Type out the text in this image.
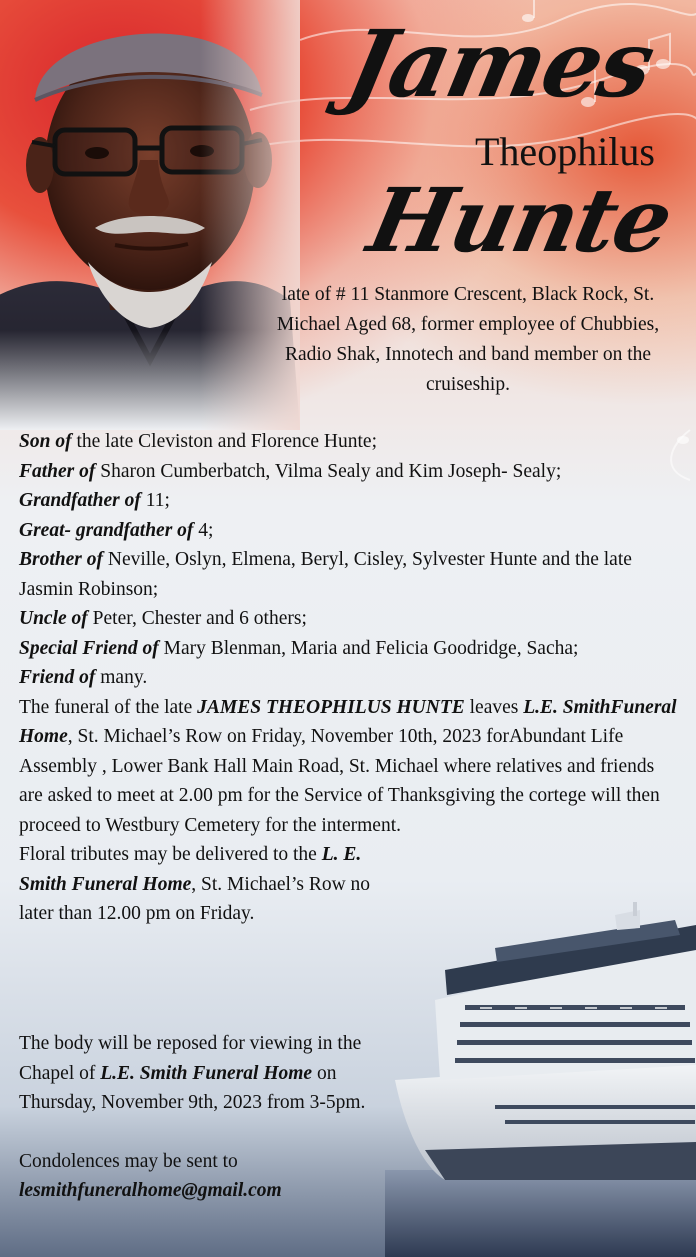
James
Theophilus
Hunte
late of # 11 Stanmore Crescent, Black Rock, St. Michael Aged 68, former employee of Chubbies, Radio Shak, Innotech and band member on the cruiseship.

Son of the late Cleviston and Florence Hunte;

Father of Sharon Cumberbatch, Vilma Sealy and Kim Joseph- Sealy;

Grandfather of 11;

Great- grandfather of 4;

Brother of Neville, Oslyn, Elmena, Beryl, Cisley, Sylvester Hunte and the late Jasmin Robinson;

Uncle of Peter, Chester and 6 others;

Special Friend of Mary Blenman, Maria and Felicia Goodridge, Sacha;

Friend of many.

The funeral of the late JAMES THEOPHILUS HUNTE leaves L.E. SmithFuneral Home, St. Michael’s Row on Friday, November 10th, 2023 forAbundant Life Assembly , Lower Bank Hall Main Road, St. Michael where relatives and friends are asked to meet at 2.00 pm for the Service of Thanksgiving the cortege will then proceed to Westbury Cemetery for the interment.

Floral tributes may be delivered to the L. E. Smith Funeral Home, St. Michael’s Row no later than 12.00 pm on Friday.

The body will be reposed for viewing in the Chapel of L.E. Smith Funeral Home on Thursday, November 9th, 2023 from 3-5pm.

Condolences may be sent to

lesmithfuneralhome@gmail.com
